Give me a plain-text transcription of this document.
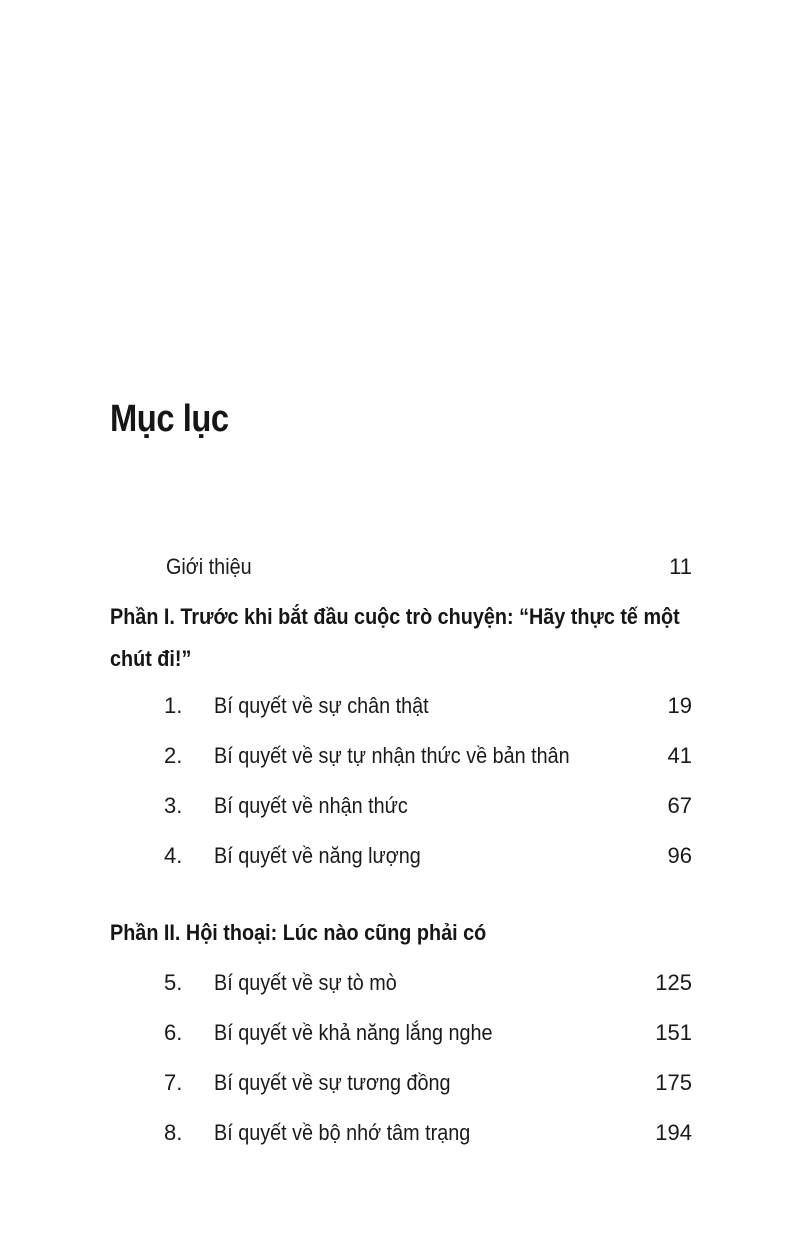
Mục lục
Giới thiệu	11
Phần I. Trước khi bắt đầu cuộc trò chuyện: “Hãy thực tế một
chút đi!”
1. Bí quyết về sự chân thật	19
2. Bí quyết về sự tự nhận thức về bản thân	41
3. Bí quyết về nhận thức	67
4. Bí quyết về năng lượng	96
Phần II. Hội thoại: Lúc nào cũng phải có
5. Bí quyết về sự tò mò	125
6. Bí quyết về khả năng lắng nghe	151
7. Bí quyết về sự tương đồng	175
8. Bí quyết về bộ nhớ tâm trạng	194
